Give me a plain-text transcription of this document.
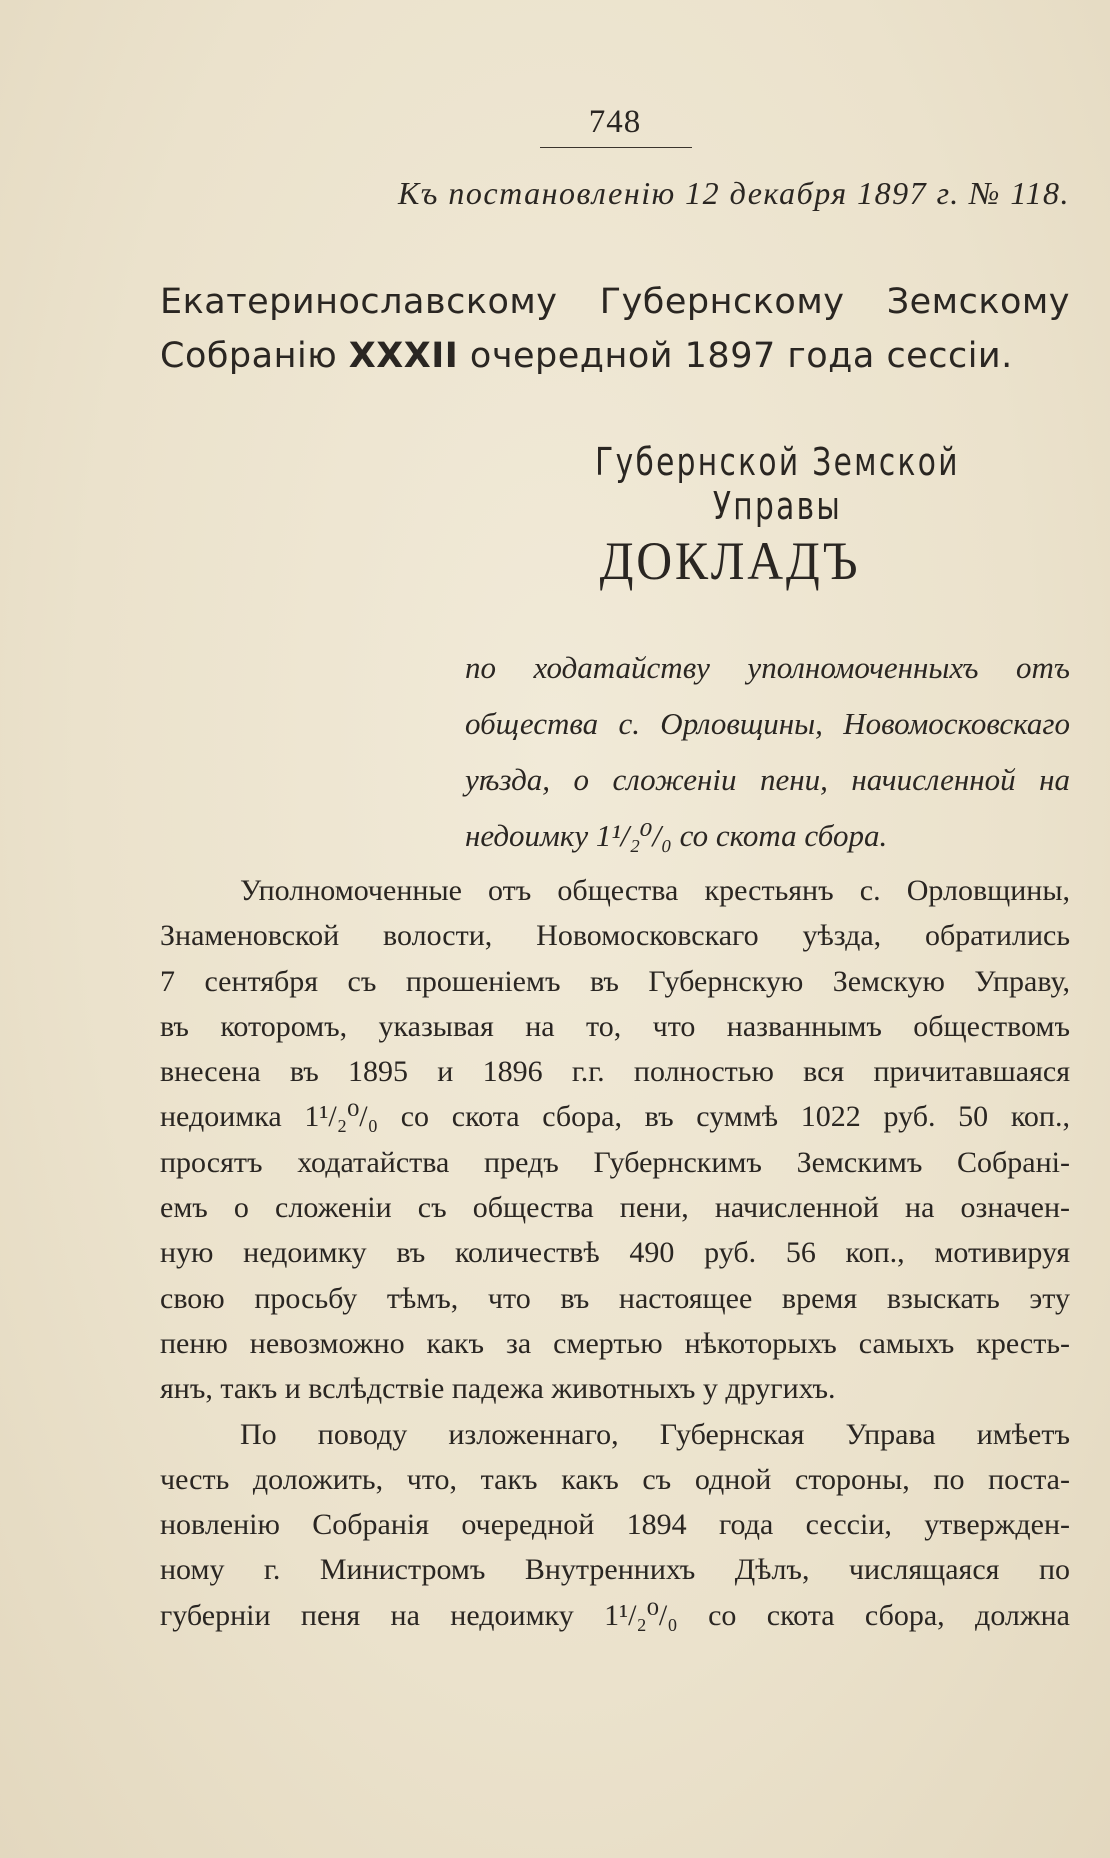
748
Къ постановленію 12 декабря 1897 г. № 118.
Екатеринославскому Губернскому Земскому
Собранію XXXII очередной 1897 года сессіи.
Губернской Земской Управы
ДОКЛАДЪ
по ходатайству уполномоченныхъ отъ
общества с. Орловщины, Новомосковскаго
уѣзда, о сложеніи пени, начисленной на
недоимку 1¹/₂⁰/₀ со скота сбора.
Уполномоченные отъ общества крестьянъ с. Орловщины,
Знаменовской волости, Новомосковскаго уѣзда, обратились
7 сентября съ прошеніемъ въ Губернскую Земскую Управу,
въ которомъ, указывая на то, что названнымъ обществомъ
внесена въ 1895 и 1896 г.г. полностью вся причитавшаяся
недоимка 1¹/₂⁰/₀ со скота сбора, въ суммѣ 1022 руб. 50 коп.,
просятъ ходатайства предъ Губернскимъ Земскимъ Собрані-
емъ о сложеніи съ общества пени, начисленной на означен-
ную недоимку въ количествѣ 490 руб. 56 коп., мотивируя
свою просьбу тѣмъ, что въ настоящее время взыскать эту
пеню невозможно какъ за смертью нѣкоторыхъ самыхъ кресть-
янъ, такъ и вслѣдствіе падежа животныхъ у другихъ.
По поводу изложеннаго, Губернская Управа имѣетъ
честь доложить, что, такъ какъ съ одной стороны, по поста-
новленію Собранія очередной 1894 года сессіи, утвержден-
ному г. Министромъ Внутреннихъ Дѣлъ, числящаяся по
губерніи пеня на недоимку 1¹/₂⁰/₀ со скота сбора, должна
